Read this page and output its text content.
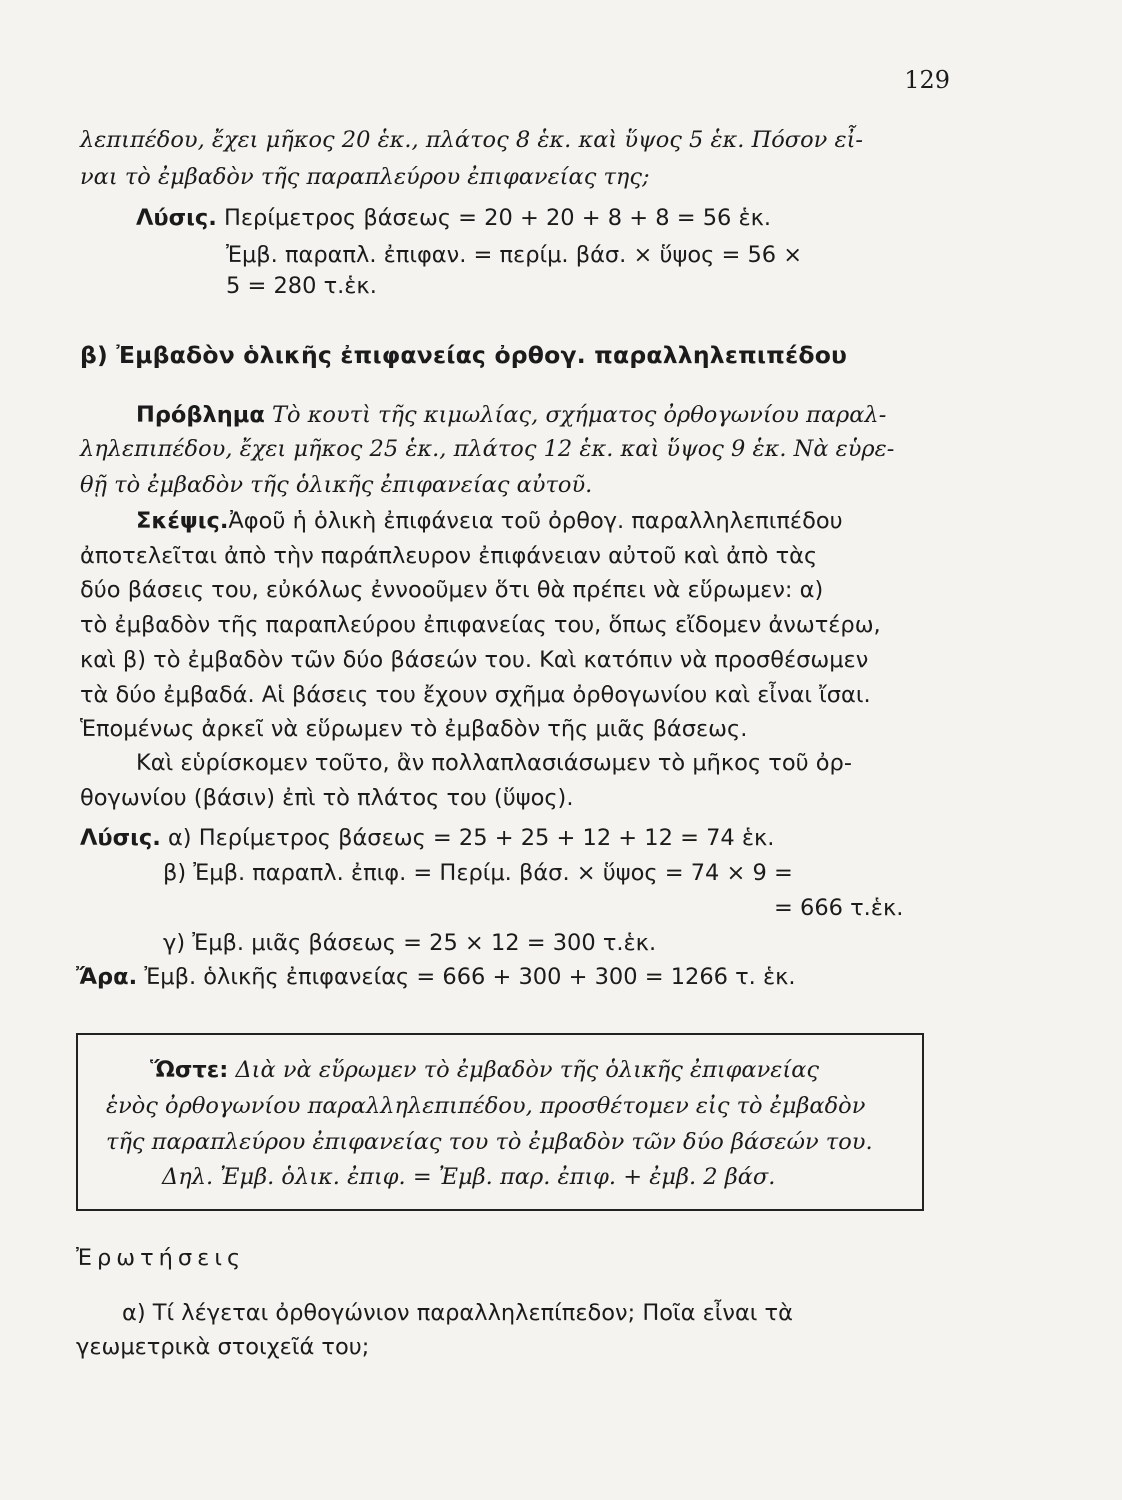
129
λεπιπέδου, ἔχει μῆκος 20 ἑκ., πλάτος 8 ἑκ. καὶ ὕψος 5 ἑκ. Πόσον εἶ-
ναι τὸ ἐμβαδὸν τῆς παραπλεύρου ἐπιφανείας της;
Λύσις. Περίμετρος βάσεως = 20 + 20 + 8 + 8 = 56 ἑκ.
Ἐμβ. παραπλ. ἐπιφαν. = περίμ. βάσ. × ὕψος = 56 ×
5 = 280 τ.ἑκ.
β) Ἐμβαδὸν ὁλικῆς ἐπιφανείας ὀρθογ. παραλληλεπιπέδου
Πρόβλημα Τὸ κουτὶ τῆς κιμωλίας, σχήματος ὀρθογωνίου παραλ-
ληλεπιπέδου, ἔχει μῆκος 25 ἑκ., πλάτος 12 ἑκ. καὶ ὕψος 9 ἑκ. Νὰ εὑρε-
θῇ τὸ ἐμβαδὸν τῆς ὁλικῆς ἐπιφανείας αὐτοῦ.
Σκέψις.Ἀφοῦ ἡ ὁλικὴ ἐπιφάνεια τοῦ ὀρθογ. παραλληλεπιπέδου
ἀποτελεῖται ἀπὸ τὴν παράπλευρον ἐπιφάνειαν αὐτοῦ καὶ ἀπὸ τὰς
δύο βάσεις του, εὐκόλως ἐννοοῦμεν ὅτι θὰ πρέπει νὰ εὕρωμεν: α)
τὸ ἐμβαδὸν τῆς παραπλεύρου ἐπιφανείας του, ὅπως εἴδομεν ἀνωτέρω,
καὶ β) τὸ ἐμβαδὸν τῶν δύο βάσεών του. Καὶ κατόπιν νὰ προσθέσωμεν
τὰ δύο ἐμβαδά. Αἱ βάσεις του ἔχουν σχῆμα ὀρθογωνίου καὶ εἶναι ἴσαι.
Ἑπομένως ἀρκεῖ νὰ εὕρωμεν τὸ ἐμβαδὸν τῆς μιᾶς βάσεως.
Καὶ εὑρίσκομεν τοῦτο, ἂν πολλαπλασιάσωμεν τὸ μῆκος τοῦ ὀρ-
θογωνίου (βάσιν) ἐπὶ τὸ πλάτος του (ὕψος).
Λύσις. α) Περίμετρος βάσεως = 25 + 25 + 12 + 12 = 74 ἑκ.
β) Ἐμβ. παραπλ. ἐπιφ. = Περίμ. βάσ. × ὕψος = 74 × 9 =
= 666 τ.ἑκ.
γ) Ἐμβ. μιᾶς βάσεως = 25 × 12 = 300 τ.ἑκ.
Ἄρα. Ἐμβ. ὁλικῆς ἐπιφανείας = 666 + 300 + 300 = 1266 τ. ἑκ.
Ὥστε: Διὰ νὰ εὕρωμεν τὸ ἐμβαδὸν τῆς ὁλικῆς ἐπιφανείας
ἑνὸς ὀρθογωνίου παραλληλεπιπέδου, προσθέτομεν εἰς τὸ ἐμβαδὸν
τῆς παραπλεύρου ἐπιφανείας του τὸ ἐμβαδὸν τῶν δύο βάσεών του.
Δηλ. Ἐμβ. ὁλικ. ἐπιφ. = Ἐμβ. παρ. ἐπιφ. + ἐμβ. 2 βάσ.
Ἐρωτήσεις
α) Τί λέγεται ὀρθογώνιον παραλληλεπίπεδον; Ποῖα εἶναι τὰ
γεωμετρικὰ στοιχεῖά του;
